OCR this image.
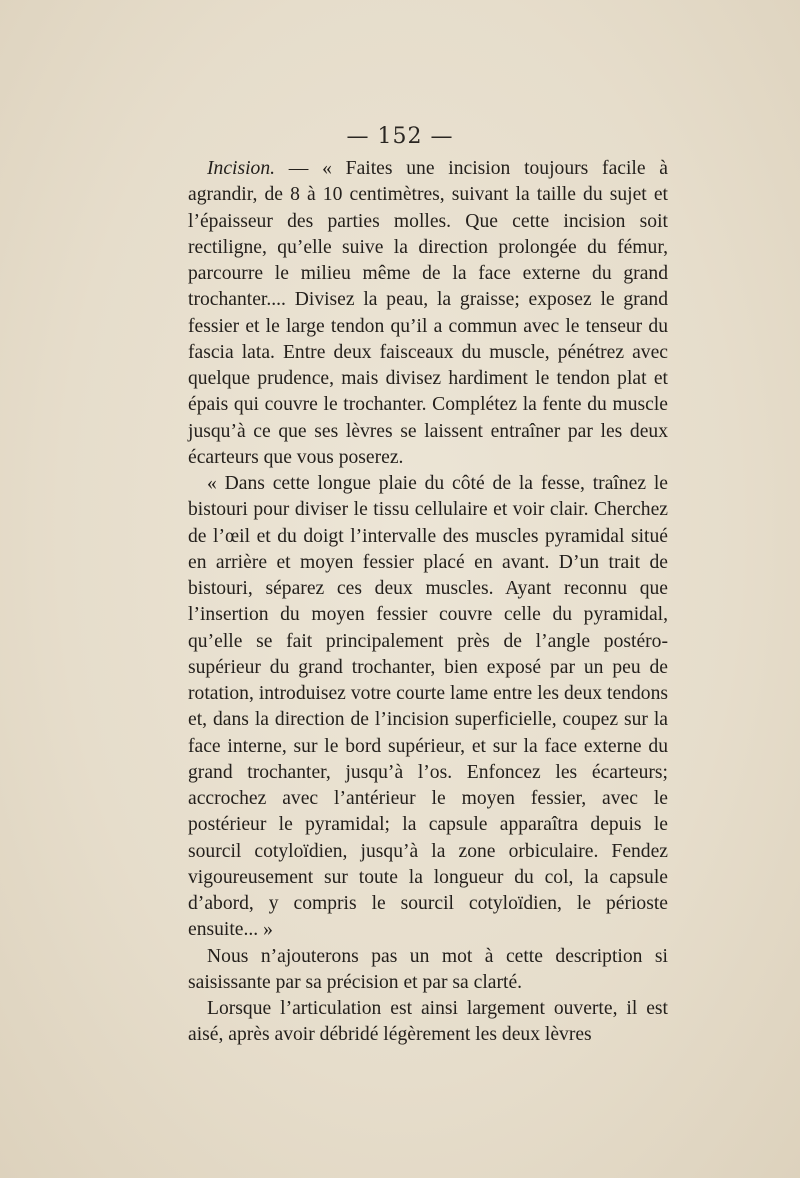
— 152 —

Incision. — « Faites une incision toujours facile à agrandir, de 8 à 10 centimètres, suivant la taille du sujet et l’épaisseur des parties molles. Que cette incision soit rectiligne, qu’elle suive la direction prolongée du fémur, parcourre le milieu même de la face externe du grand trochanter.... Divisez la peau, la graisse; exposez le grand fessier et le large tendon qu’il a commun avec le tenseur du fascia lata. Entre deux faisceaux du muscle, pénétrez avec quelque prudence, mais divisez hardiment le tendon plat et épais qui couvre le trochanter. Complétez la fente du muscle jusqu’à ce que ses lèvres se laissent entraîner par les deux écarteurs que vous poserez.

« Dans cette longue plaie du côté de la fesse, traînez le bistouri pour diviser le tissu cellulaire et voir clair. Cherchez de l’œil et du doigt l’intervalle des muscles pyramidal situé en arrière et moyen fessier placé en avant. D’un trait de bistouri, séparez ces deux muscles. Ayant reconnu que l’insertion du moyen fessier couvre celle du pyramidal, qu’elle se fait principalement près de l’angle postéro-supérieur du grand trochanter, bien exposé par un peu de rotation, introduisez votre courte lame entre les deux tendons et, dans la direction de l’incision superficielle, coupez sur la face interne, sur le bord supérieur, et sur la face externe du grand trochanter, jusqu’à l’os. Enfoncez les écarteurs; accrochez avec l’antérieur le moyen fessier, avec le postérieur le pyramidal; la capsule apparaîtra depuis le sourcil cotyloïdien, jusqu’à la zone orbiculaire. Fendez vigoureusement sur toute la longueur du col, la capsule d’abord, y compris le sourcil cotyloïdien, le périoste ensuite... »

Nous n’ajouterons pas un mot à cette description si saisissante par sa précision et par sa clarté.

Lorsque l’articulation est ainsi largement ouverte, il est aisé, après avoir débridé légèrement les deux lèvres
